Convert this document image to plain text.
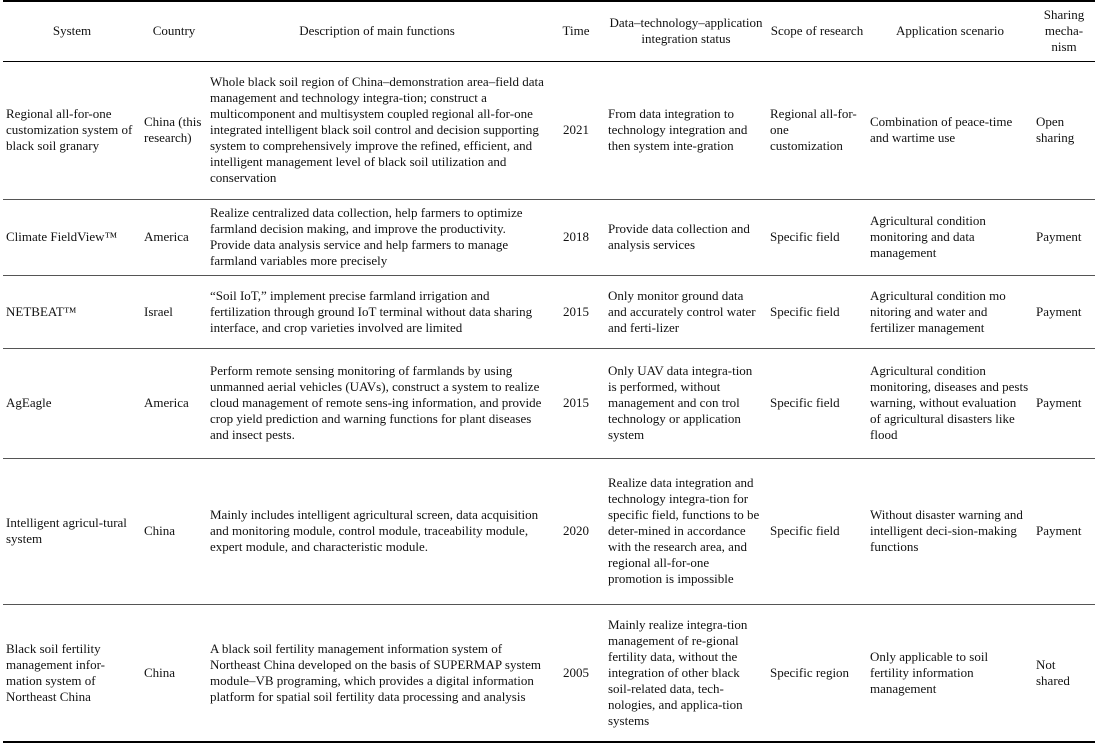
System	Country	Description of main functions	Time	Data–technology–application integration status	Scope of research	Application scenario	Sharing mecha-nism
Regional all-for-one customization system of black soil granary	China (this research)	Whole black soil region of China–demonstration area–field data management and technology integra-tion; construct a multicomponent and multisystem coupled regional all-for-one integrated intelligent black soil control and decision supporting system to comprehensively improve the refined, efficient, and intelligent management level of black soil utilization and conservation	2021	From data integration to technology integration and then system inte-gration	Regional all-for-one customization	Combination of peace-time and wartime use	Open sharing
Climate FieldView™	America	Realize centralized data collection, help farmers to optimize farmland decision making, and improve the productivity. Provide data analysis service and help farmers to manage farmland variables more precisely	2018	Provide data collection and analysis services	Specific field	Agricultural condition monitoring and data management	Payment
NETBEAT™	Israel	“Soil IoT,” implement precise farmland irrigation and fertilization through ground IoT terminal without data sharing interface, and crop varieties involved are limited	2015	Only monitor ground data and accurately control water and ferti-lizer	Specific field	Agricultural condition mo nitoring and water and fertilizer management	Payment
AgEagle	America	Perform remote sensing monitoring of farmlands by using unmanned aerial vehicles (UAVs), construct a system to realize cloud management of remote sens-ing information, and provide crop yield prediction and warning functions for plant diseases and insect pests.	2015	Only UAV data integra-tion is performed, without management and con trol technology or application system	Specific field	Agricultural condition monitoring, diseases and pests warning, without evaluation of agricultural disasters like flood	Payment
Intelligent agricul-tural system	China	Mainly includes intelligent agricultural screen, data acquisition and monitoring module, control module, traceability module, expert module, and characteristic module.	2020	Realize data integration and technology integra-tion for specific field, functions to be deter-mined in accordance with the research area, and regional all-for-one promotion is impossible	Specific field	Without disaster warning and intelligent deci-sion-making functions	Payment
Black soil fertility management infor-mation system of Northeast China	China	A black soil fertility management information system of Northeast China developed on the basis of SUPERMAP system module–VB programing, which provides a digital information platform for spatial soil fertility data processing and analysis	2005	Mainly realize integra-tion management of re-gional fertility data, without the integration of other black soil-related data, tech-nologies, and applica-tion systems	Specific region	Only applicable to soil fertility information management	Not shared
